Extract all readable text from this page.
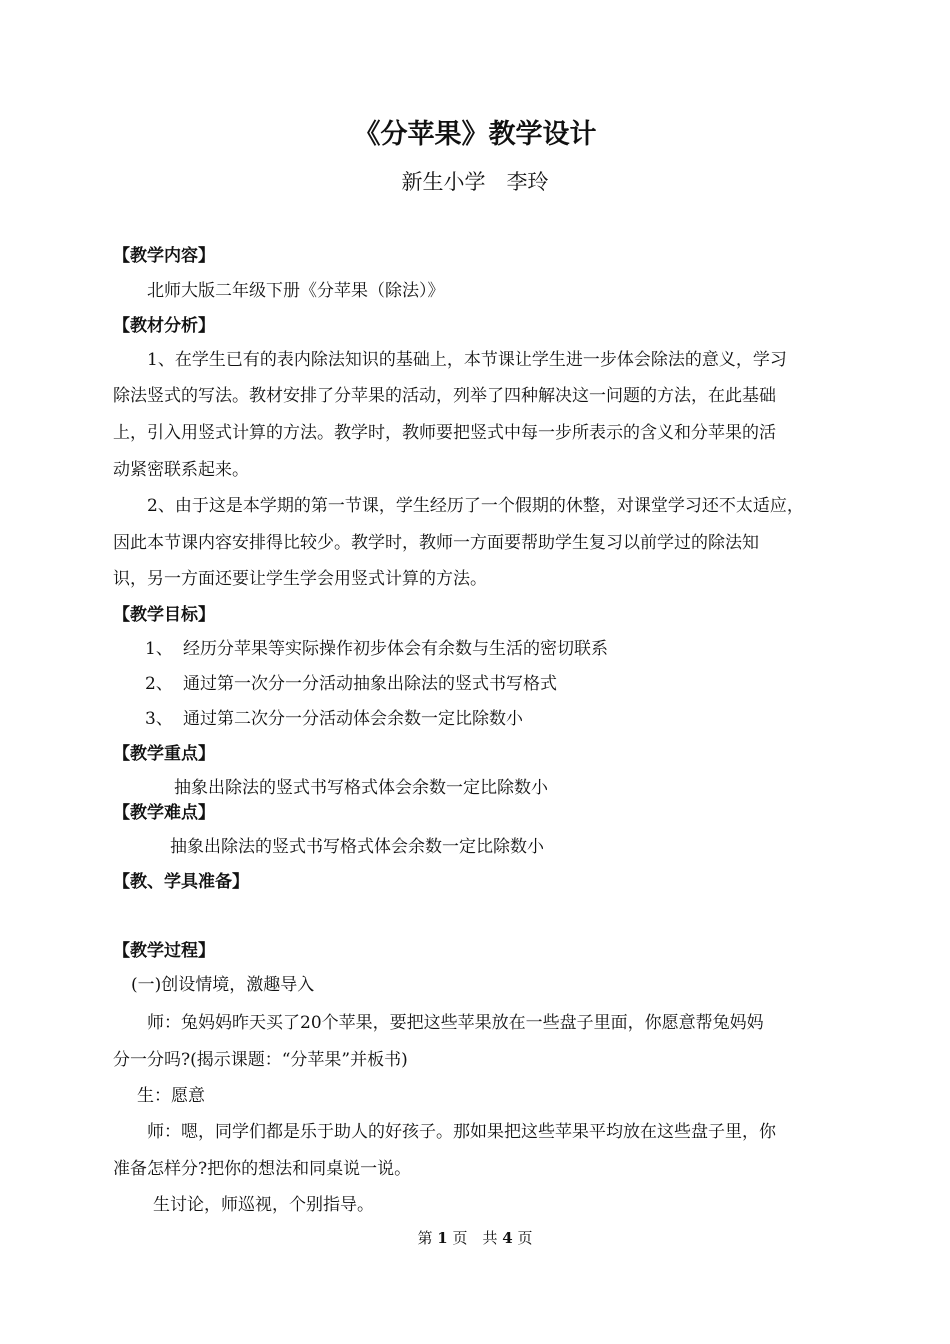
《分苹果》教学设计
新生小学　李玲
【教学内容】
北师大版二年级下册《分苹果（除法）》
【教材分析】
1、在学生已有的表内除法知识的基础上，本节课让学生进一步体会除法的意义，学习
除法竖式的写法。教材安排了分苹果的活动，列举了四种解决这一问题的方法，在此基础
上，引入用竖式计算的方法。教学时，教师要把竖式中每一步所表示的含义和分苹果的活
动紧密联系起来。
2、由于这是本学期的第一节课，学生经历了一个假期的休整，对课堂学习还不太适应，
因此本节课内容安排得比较少。教学时，教师一方面要帮助学生复习以前学过的除法知
识，另一方面还要让学生学会用竖式计算的方法。
【教学目标】
1、 经历分苹果等实际操作初步体会有余数与生活的密切联系
2、 通过第一次分一分活动抽象出除法的竖式书写格式
3、 通过第二次分一分活动体会余数一定比除数小
【教学重点】
抽象出除法的竖式书写格式体会余数一定比除数小
【教学难点】
抽象出除法的竖式书写格式体会余数一定比除数小
【教、学具准备】
【教学过程】
(一)创设情境，激趣导入
师：兔妈妈昨天买了20个苹果，要把这些苹果放在一些盘子里面，你愿意帮兔妈妈
分一分吗?(揭示课题：“分苹果”并板书)
生：愿意
师：嗯，同学们都是乐于助人的好孩子。那如果把这些苹果平均放在这些盘子里，你
准备怎样分?把你的想法和同桌说一说。
生讨论，师巡视，个别指导。
第 1 页　共 4 页
